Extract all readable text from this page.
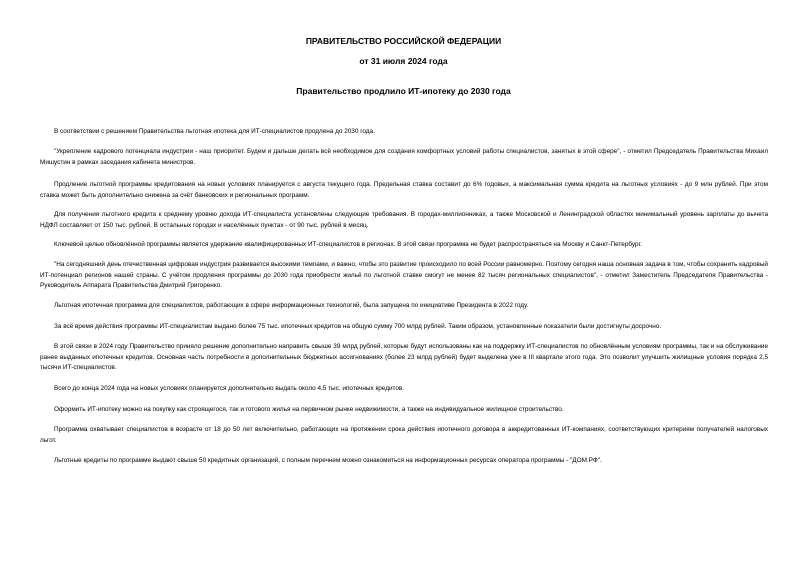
ПРАВИТЕЛЬСТВО РОССИЙСКОЙ ФЕДЕРАЦИИ
от 31 июля 2024 года
Правительство продлило ИТ-ипотеку до 2030 года

В соответствии с решением Правительства льготная ипотека для ИТ-специалистов продлена до 2030 года.

"Укрепление кадрового потенциала индустрии - наш приоритет. Будем и дальше делать всё необходимое для создания комфортных условий работы специалистов, занятых в этой сфере", - отметил Председатель Правительства Михаил Мишустин в рамках заседания кабинета министров.

Продление льготной программы кредитования на новых условиях планируется с августа текущего года. Предельная ставка составит до 6% годовых, а максимальная сумма кредита на льготных условиях - до 9 млн рублей. При этом ставка может быть дополнительно снижена за счёт банковских и региональных программ.

Для получения льготного кредита к среднему уровню дохода ИТ-специалиста установлены следующие требования. В городах-миллионниках, а также Московской и Ленинградской областях минимальный уровень зарплаты до вычета НДФЛ составляет от 150 тыс. рублей. В остальных городах и населённых пунктах - от 90 тыс. рублей в месяц.

Ключевой целью обновлённой программы является удержание квалифицированных ИТ-специалистов в регионах. В этой связи программа не будет распространяться на Москву и Санкт-Петербург.

"На сегодняшний день отечественная цифровая индустрия развивается высокими темпами, и важно, чтобы это развитие происходило по всей России равномерно. Поэтому сегодня наша основная задача в том, чтобы сохранить кадровый ИТ-потенциал регионов нашей страны. С учётом продления программы до 2030 года приобрести жильё по льготной ставке смогут не менее 82 тысяч региональных специалистов", - отметил Заместитель Председателя Правительства - Руководитель Аппарата Правительства Дмитрий Григоренко.

Льготная ипотечная программа для специалистов, работающих в сфере информационных технологий, была запущена по инициативе Президента в 2022 году.

За всё время действия программы ИТ-специалистам выдано более 75 тыс. ипотечных кредитов на общую сумму 700 млрд рублей. Таким образом, установленные показатели были достигнуты досрочно.

В этой связи в 2024 году Правительство приняло решение дополнительно направить свыше 39 млрд рублей, которые будут использованы как на поддержку ИТ-специалистов по обновлённым условиям программы, так и на обслуживание ранее выданных ипотечных кредитов. Основная часть потребности в дополнительных бюджетных ассигнованиях (более 23 млрд рублей) будет выделена уже в III квартале этого года. Это позволит улучшить жилищные условия порядка 2,5 тысячи ИТ-специалистов.

Всего до конца 2024 года на новых условиях планируется дополнительно выдать около 4,5 тыс. ипотечных кредитов.

Оформить ИТ-ипотеку можно на покупку как строящегося, так и готового жилья на первичном рынке недвижимости, а также на индивидуальное жилищное строительство.

Программа охватывает специалистов в возрасте от 18 до 50 лет включительно, работающих на протяжении срока действия ипотечного договора в аккредитованных ИТ-компаниях, соответствующих критериям получателей налоговых льгот.

Льготные кредиты по программе выдают свыше 50 кредитных организаций, с полным перечнем можно ознакомиться на информационных ресурсах оператора программы - "ДОМ.РФ".
